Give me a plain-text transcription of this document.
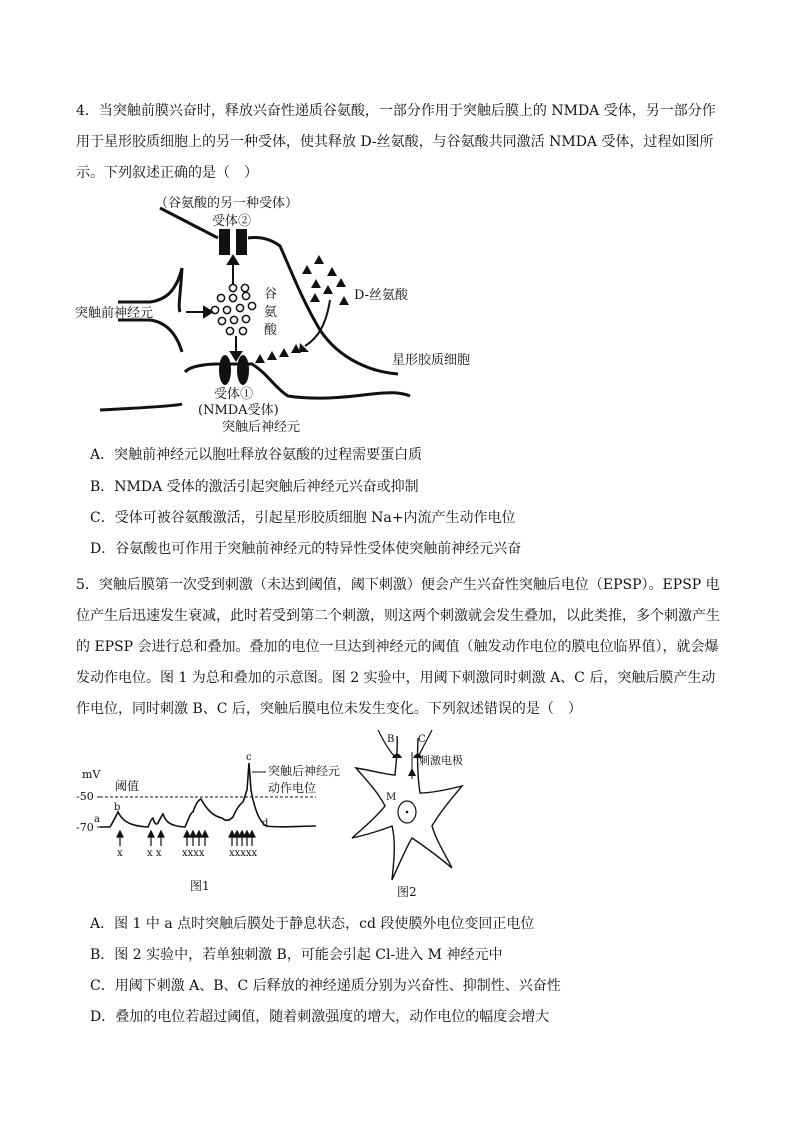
4．当突触前膜兴奋时，释放兴奋性递质谷氨酸，一部分作用于突触后膜上的 NMDA 受体，另一部分作用于星形胶质细胞上的另一种受体，使其释放 D-丝氨酸，与谷氨酸共同激活 NMDA 受体，过程如图所示。下列叙述正确的是（　）
（谷氨酸的另一种受体）
受体②
谷
氨
酸
D-丝氨酸
突触前神经元
星形胶质细胞
受体①
(NMDA受体)
突触后神经元
A．突触前神经元以胞吐释放谷氨酸的过程需要蛋白质
B．NMDA 受体的激活引起突触后神经元兴奋或抑制
C．受体可被谷氨酸激活，引起星形胶质细胞 Na+内流产生动作电位
D．谷氨酸也可作用于突触前神经元的特异性受体使突触前神经元兴奋
5．突触后膜第一次受到刺激（未达到阈值，阈下刺激）便会产生兴奋性突触后电位（EPSP）。EPSP 电位产生后迅速发生衰减，此时若受到第二个刺激，则这两个刺激就会发生叠加，以此类推，多个刺激产生的 EPSP 会进行总和叠加。叠加的电位一旦达到神经元的阈值（触发动作电位的膜电位临界值），就会爆发动作电位。图 1 为总和叠加的示意图。图 2 实验中，用阈下刺激同时刺激 A、C 后，突触后膜产生动作电位，同时刺激 B、C 后，突触后膜电位未发生变化。下列叙述错误的是（　）
mV
阈值
-50
-70
a
b
c
d
突触后神经元
动作电位
x x x xxxx xxxxx
图1
B C
刺激电极
M
图2
A．图 1 中 a 点时突触后膜处于静息状态，cd 段使膜外电位变回正电位
B．图 2 实验中，若单独刺激 B，可能会引起 Cl-进入 M 神经元中
C．用阈下刺激 A、B、C 后释放的神经递质分别为兴奋性、抑制性、兴奋性
D．叠加的电位若超过阈值，随着刺激强度的增大，动作电位的幅度会增大
